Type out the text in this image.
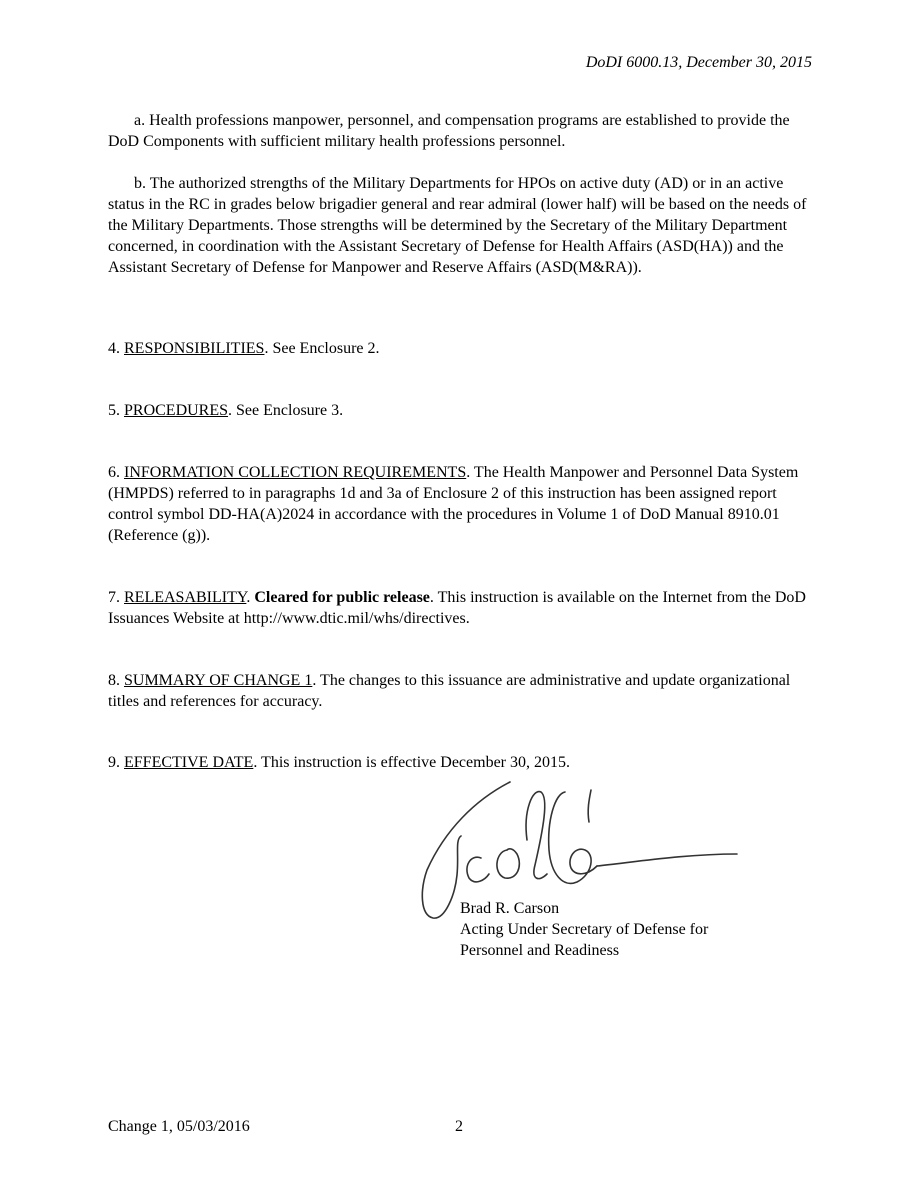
DoDI 6000.13, December 30, 2015

a. Health professions manpower, personnel, and compensation programs are established to provide the DoD Components with sufficient military health professions personnel.

b. The authorized strengths of the Military Departments for HPOs on active duty (AD) or in an active status in the RC in grades below brigadier general and rear admiral (lower half) will be based on the needs of the Military Departments. Those strengths will be determined by the Secretary of the Military Department concerned, in coordination with the Assistant Secretary of Defense for Health Affairs (ASD(HA)) and the Assistant Secretary of Defense for Manpower and Reserve Affairs (ASD(M&RA)).

4. RESPONSIBILITIES. See Enclosure 2.

5. PROCEDURES. See Enclosure 3.

6. INFORMATION COLLECTION REQUIREMENTS. The Health Manpower and Personnel Data System (HMPDS) referred to in paragraphs 1d and 3a of Enclosure 2 of this instruction has been assigned report control symbol DD-HA(A)2024 in accordance with the procedures in Volume 1 of DoD Manual 8910.01 (Reference (g)).

7. RELEASABILITY. Cleared for public release. This instruction is available on the Internet from the DoD Issuances Website at http://www.dtic.mil/whs/directives.

8. SUMMARY OF CHANGE 1. The changes to this issuance are administrative and update organizational titles and references for accuracy.

9. EFFECTIVE DATE. This instruction is effective December 30, 2015.

Brad R. Carson
Acting Under Secretary of Defense for
Personnel and Readiness
Change 1, 05/03/2016	2
